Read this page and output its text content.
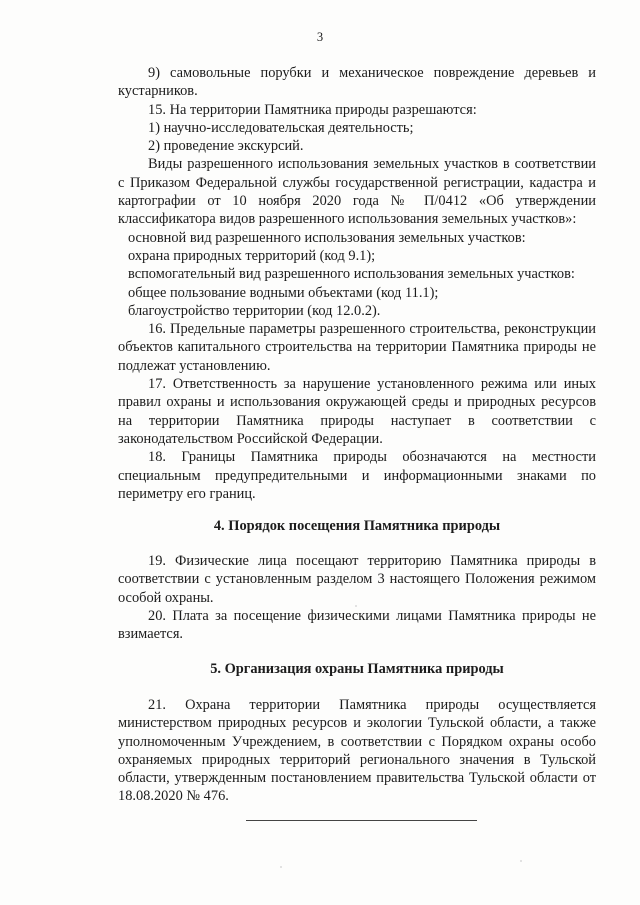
3

9) самовольные порубки и механическое повреждение деревьев и кустарников.

15. На территории Памятника природы разрешаются:

1) научно-исследовательская деятельность;

2) проведение экскурсий.

Виды разрешенного использования земельных участков в соответствии с Приказом Федеральной службы государственной регистрации, кадастра и картографии от 10 ноября 2020 года № П/0412 «Об утверждении классификатора видов разрешенного использования земельных участков»:

основной вид разрешенного использования земельных участков:

охрана природных территорий (код 9.1);

вспомогательный вид разрешенного использования земельных участков:

общее пользование водными объектами (код 11.1);

благоустройство территории (код 12.0.2).

16. Предельные параметры разрешенного строительства, реконструкции объектов капитального строительства на территории Памятника природы не подлежат установлению.

17. Ответственность за нарушение установленного режима или иных правил охраны и использования окружающей среды и природных ресурсов на территории Памятника природы наступает в соответствии с законодательством Российской Федерации.

18. Границы Памятника природы обозначаются на местности специальным предупредительными и информационными знаками по периметру его границ.

4. Порядок посещения Памятника природы

19. Физические лица посещают территорию Памятника природы в соответствии с установленным разделом 3 настоящего Положения режимом особой охраны.

20. Плата за посещение физическими лицами Памятника природы не взимается.

5. Организация охраны Памятника природы

21. Охрана территории Памятника природы осуществляется министерством природных ресурсов и экологии Тульской области, а также уполномоченным Учреждением, в соответствии с Порядком охраны особо охраняемых природных территорий регионального значения в Тульской области, утвержденным постановлением правительства Тульской области от 18.08.2020 № 476.
